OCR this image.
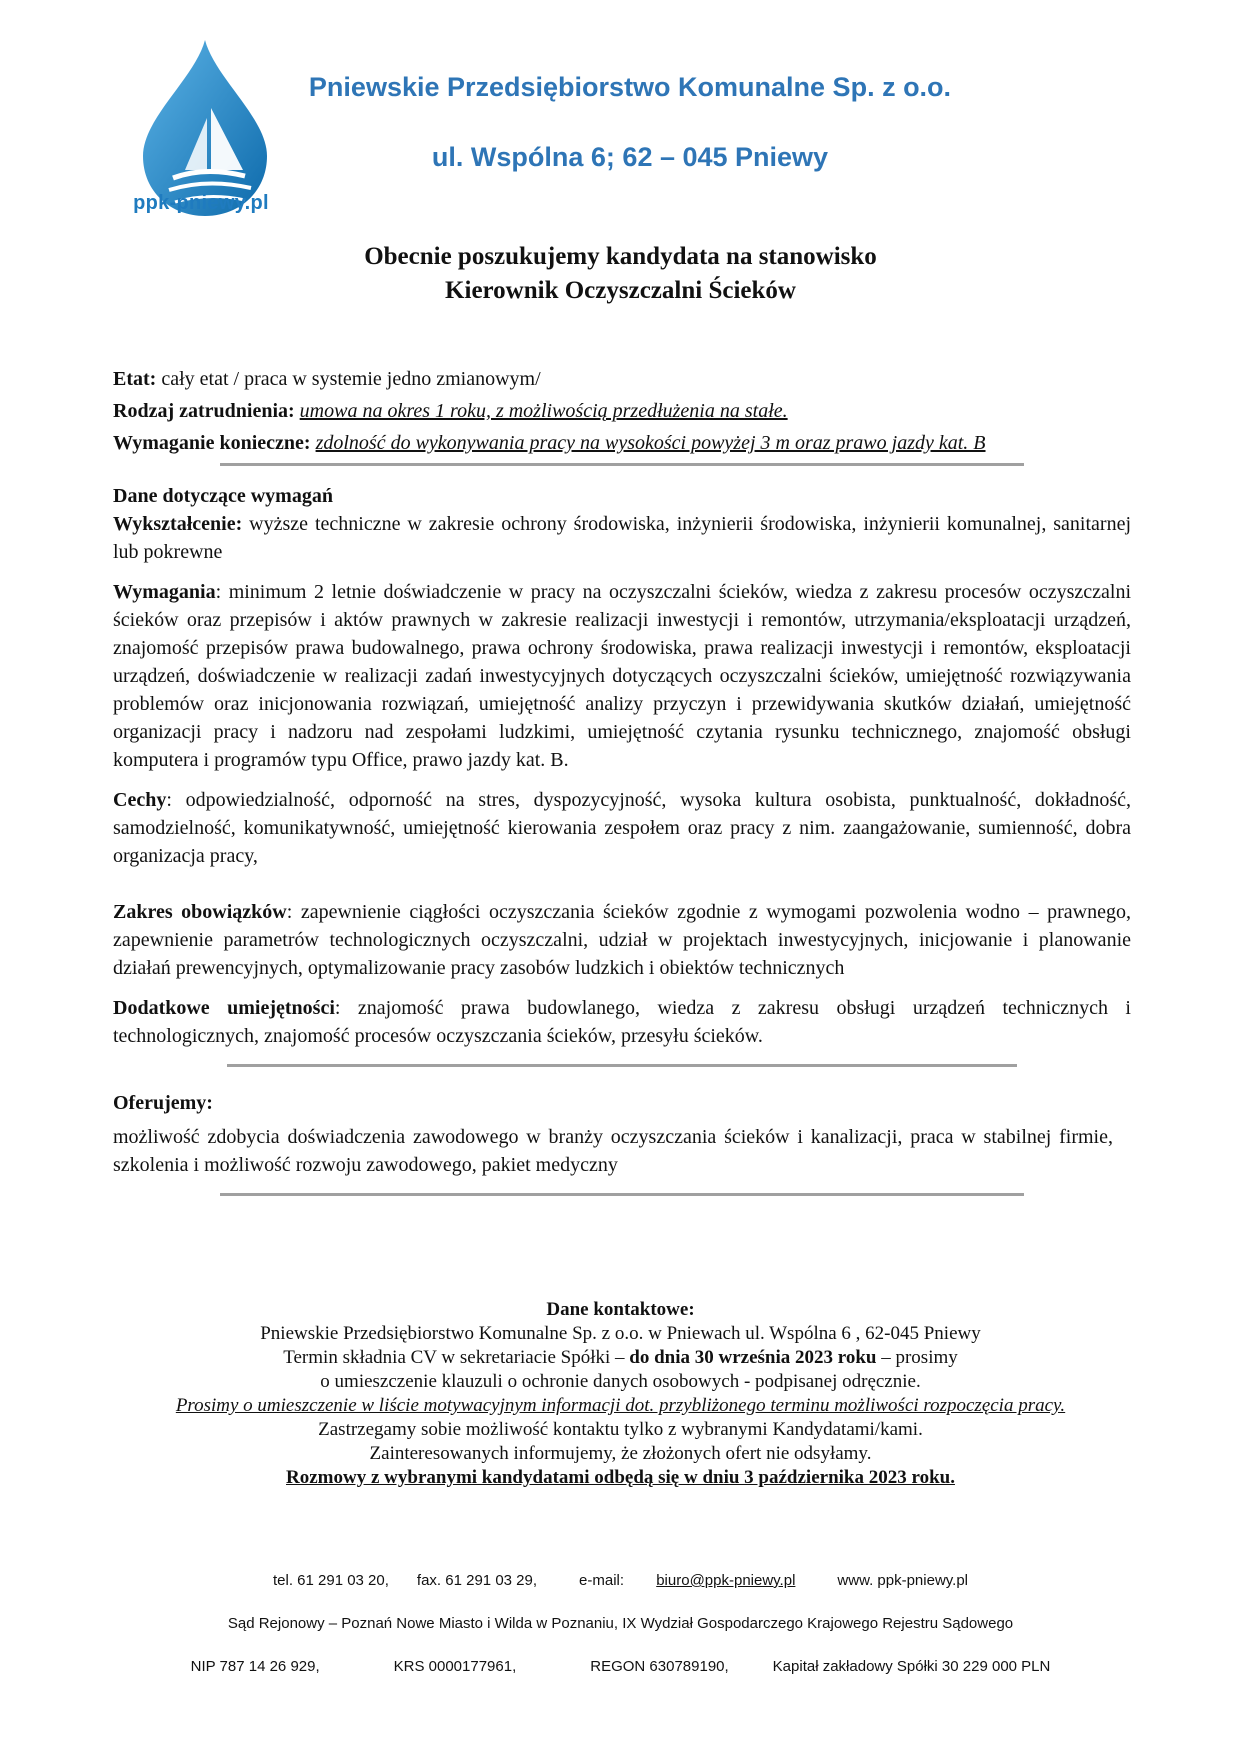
ppk-pniewy.pl
Pniewskie Przedsiębiorstwo Komunalne Sp. z o.o.
ul. Wspólna 6; 62 – 045 Pniewy
Obecnie poszukujemy kandydata na stanowisko
Kierownik Oczyszczalni Ścieków

Etat: cały etat / praca w systemie jedno zmianowym/

Rodzaj zatrudnienia: umowa na okres 1 roku, z możliwością przedłużenia na stałe.

Wymaganie konieczne: zdolność do wykonywania pracy na wysokości powyżej 3 m oraz prawo jazdy kat. B

Dane dotyczące wymagań

Wykształcenie: wyższe techniczne w zakresie ochrony środowiska, inżynierii środowiska, inżynierii komunalnej, sanitarnej lub pokrewne

Wymagania: minimum 2 letnie doświadczenie w pracy na oczyszczalni ścieków, wiedza z zakresu procesów oczyszczalni ścieków oraz przepisów i aktów prawnych w zakresie realizacji inwestycji i remontów, utrzymania/eksploatacji urządzeń, znajomość przepisów prawa budowalnego, prawa ochrony środowiska, prawa realizacji inwestycji i remontów, eksploatacji urządzeń, doświadczenie w realizacji zadań inwestycyjnych dotyczących oczyszczalni ścieków, umiejętność rozwiązywania problemów oraz inicjonowania rozwiązań, umiejętność analizy przyczyn i przewidywania skutków działań, umiejętność organizacji pracy i nadzoru nad zespołami ludzkimi, umiejętność czytania rysunku technicznego, znajomość obsługi komputera i programów typu Office, prawo jazdy kat. B.

Cechy: odpowiedzialność, odporność na stres, dyspozycyjność, wysoka kultura osobista, punktualność, dokładność, samodzielność, komunikatywność, umiejętność kierowania zespołem oraz pracy z nim. zaangażowanie, sumienność, dobra organizacja pracy,

Zakres obowiązków: zapewnienie ciągłości oczyszczania ścieków zgodnie z wymogami pozwolenia wodno – prawnego, zapewnienie parametrów technologicznych oczyszczalni, udział w projektach inwestycyjnych, inicjowanie i planowanie działań prewencyjnych, optymalizowanie pracy zasobów ludzkich i obiektów technicznych

Dodatkowe umiejętności: znajomość prawa budowlanego, wiedza z zakresu obsługi urządzeń technicznych i technologicznych, znajomość procesów oczyszczania ścieków, przesyłu ścieków.

Oferujemy:

możliwość zdobycia doświadczenia zawodowego w branży oczyszczania ścieków i kanalizacji, praca w stabilnej firmie, szkolenia i możliwość rozwoju zawodowego, pakiet medyczny

Dane kontaktowe:
Pniewskie Przedsiębiorstwo Komunalne Sp. z o.o. w Pniewach ul. Wspólna 6 , 62-045 Pniewy
Termin składnia CV w sekretariacie Spółki – do dnia 30 września 2023 roku – prosimy
o umieszczenie klauzuli o ochronie danych osobowych - podpisanej odręcznie.
Prosimy o umieszczenie w liście motywacyjnym informacji dot. przybliżonego terminu możliwości rozpoczęcia pracy.
Zastrzegamy sobie możliwość kontaktu tylko z wybranymi Kandydatami/kami.
Zainteresowanych informujemy, że złożonych ofert nie odsyłamy.
Rozmowy z wybranymi kandydatami odbędą się w dniu 3 października 2023 roku.
tel. 61 291 03 20, fax. 61 291 03 29,	e-mail: biuro@ppk-pniewy.pl	www. ppk-pniewy.pl
Sąd Rejonowy – Poznań Nowe Miasto i Wilda w Poznaniu, IX Wydział Gospodarczego Krajowego Rejestru Sądowego
NIP 787 14 26 929,	KRS 0000177961,	REGON 630789190,	Kapitał zakładowy Spółki 30 229 000 PLN
